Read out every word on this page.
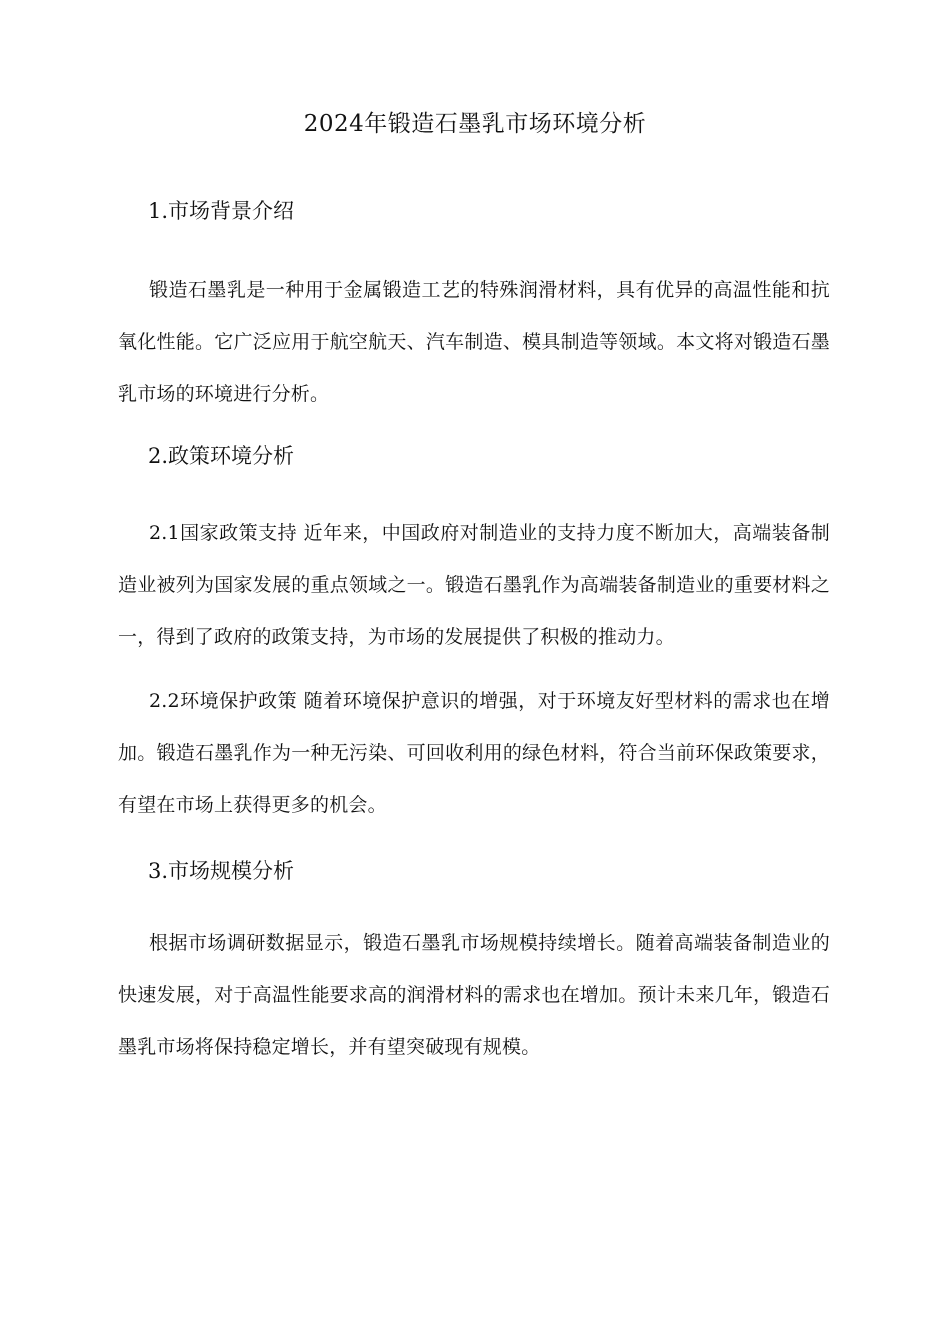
2024年锻造石墨乳市场环境分析
1.市场背景介绍
锻造石墨乳是一种用于金属锻造工艺的特殊润滑材料，具有优异的高温性能和抗氧化性能。它广泛应用于航空航天、汽车制造、模具制造等领域。本文将对锻造石墨乳市场的环境进行分析。
2.政策环境分析
2.1国家政策支持 近年来，中国政府对制造业的支持力度不断加大，高端装备制造业被列为国家发展的重点领域之一。锻造石墨乳作为高端装备制造业的重要材料之一，得到了政府的政策支持，为市场的发展提供了积极的推动力。
2.2环境保护政策 随着环境保护意识的增强，对于环境友好型材料的需求也在增加。锻造石墨乳作为一种无污染、可回收利用的绿色材料，符合当前环保政策要求，有望在市场上获得更多的机会。
3.市场规模分析
根据市场调研数据显示，锻造石墨乳市场规模持续增长。随着高端装备制造业的快速发展，对于高温性能要求高的润滑材料的需求也在增加。预计未来几年，锻造石墨乳市场将保持稳定增长，并有望突破现有规模。
